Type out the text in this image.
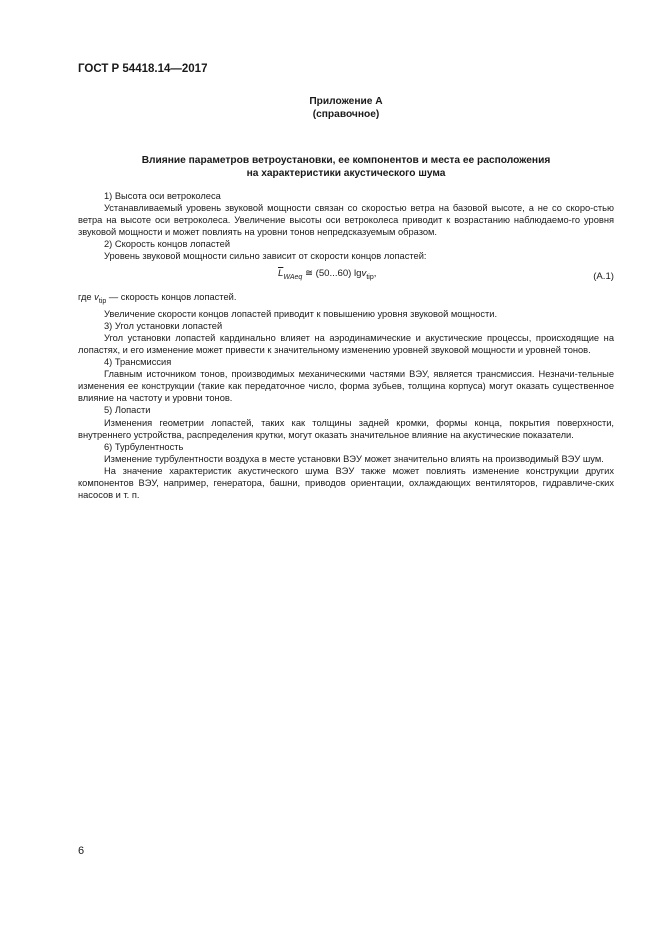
ГОСТ Р 54418.14—2017
Приложение А
(справочное)
Влияние параметров ветроустановки, ее компонентов и места ее расположения
на характеристики акустического шума

1) Высота оси ветроколеса

Устанавливаемый уровень звуковой мощности связан со скоростью ветра на базовой высоте, а не со скоро-стью ветра на высоте оси ветроколеса. Увеличение высоты оси ветроколеса приводит к возрастанию наблюдаемо-го уровня звуковой мощности и может повлиять на уровни тонов непредсказуемым образом.

2) Скорость концов лопастей

Уровень звуковой мощности сильно зависит от скорости концов лопастей:

$\overline{L}_{WAeq}$ ≅ (50...60) lgv$_{tip}$,	(A.1)

где $v_{tip}$ — скорость концов лопастей.

Увеличение скорости концов лопастей приводит к повышению уровня звуковой мощности.

3) Угол установки лопастей

Угол установки лопастей кардинально влияет на аэродинамические и акустические процессы, происходящие на лопастях, и его изменение может привести к значительному изменению уровней звуковой мощности и уровней тонов.

4) Трансмиссия

Главным источником тонов, производимых механическими частями ВЭУ, является трансмиссия. Незначи-тельные изменения ее конструкции (такие как передаточное число, форма зубьев, толщина корпуса) могут оказать существенное влияние на частоту и уровни тонов.

5) Лопасти

Изменения геометрии лопастей, таких как толщины задней кромки, формы конца, покрытия поверхности, внутреннего устройства, распределения крутки, могут оказать значительное влияние на акустические показатели.

6) Турбулентность

Изменение турбулентности воздуха в месте установки ВЭУ может значительно влиять на производимый ВЭУ шум.

На значение характеристик акустического шума ВЭУ также может повлиять изменение конструкции других компонентов ВЭУ, например, генератора, башни, приводов ориентации, охлаждающих вентиляторов, гидравличе-ских насосов и т. п.

6
